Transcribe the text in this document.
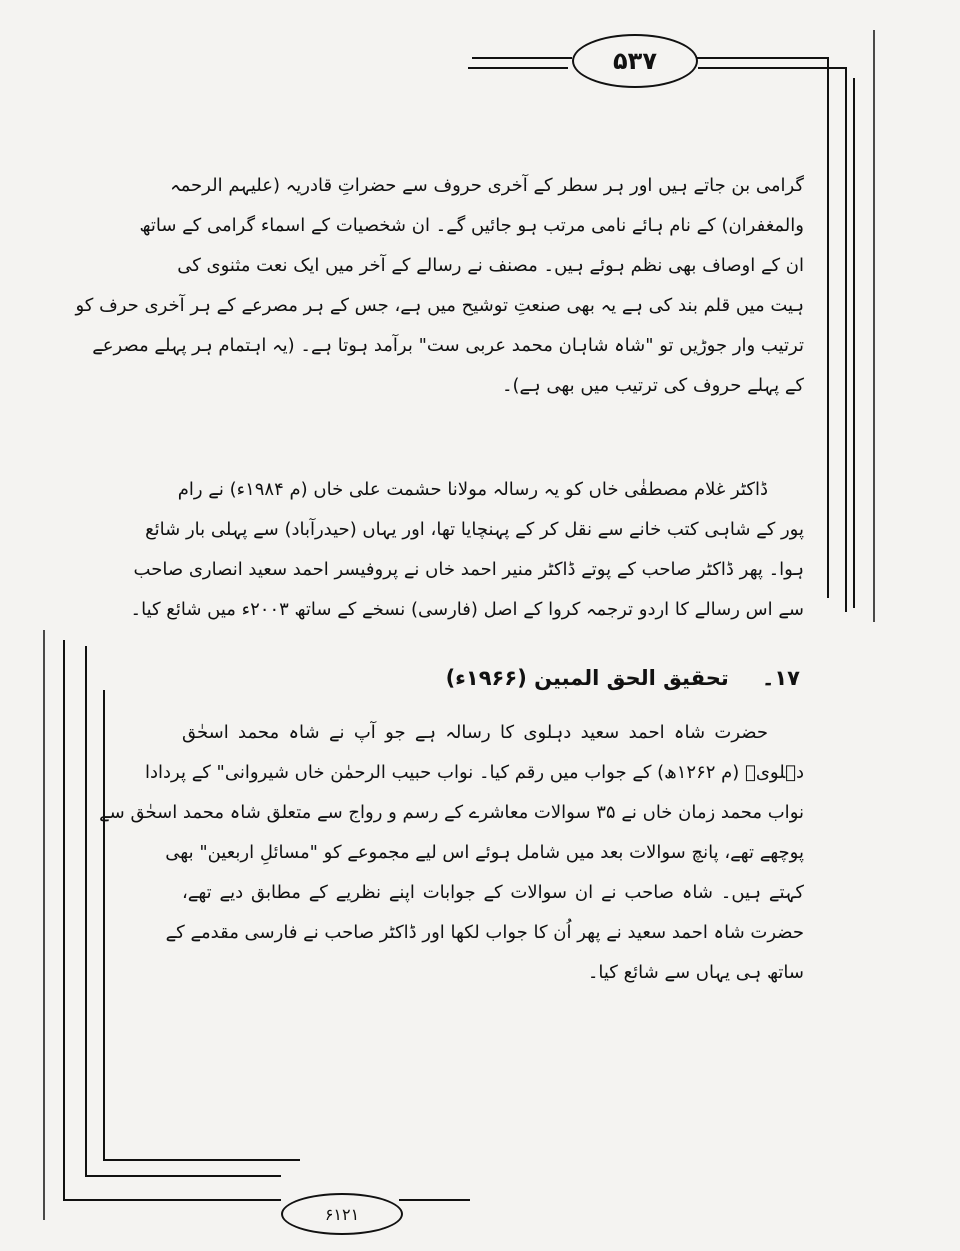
۵۳۷
گرامی بن جاتے ہیں اور ہر سطر کے آخری حروف سے حضراتِ قادریہ (علیہم الرحمہ
والمغفران) کے نام ہائے نامی مرتب ہو جائیں گے۔ ان شخصیات کے اسماء گرامی کے ساتھ
ان کے اوصاف بھی نظم ہوئے ہیں۔ مصنف نے رسالے کے آخر میں ایک نعت مثنوی کی
ہیت میں قلم بند کی ہے یہ بھی صنعتِ توشیح میں ہے، جس کے ہر مصرعے کے ہر آخری حرف کو
ترتیب وار جوڑیں تو "شاہ شاہان محمد عربی ست" برآمد ہوتا ہے۔ (یہ اہتمام ہر پہلے مصرعے
کے پہلے حروف کی ترتیب میں بھی ہے)۔
ڈاکٹر غلام مصطفٰی خاں کو یہ رسالہ مولانا حشمت علی خاں (م ۱۹۸۴ء) نے رام
پور کے شاہی کتب خانے سے نقل کر کے پہنچایا تھا، اور یہاں (حیدرآباد) سے پہلی بار شائع
ہوا۔ پھر ڈاکٹر صاحب کے پوتے ڈاکٹر منیر احمد خاں نے پروفیسر احمد سعید انصاری صاحب
سے اس رسالے کا اردو ترجمہ کروا کے اصل (فارسی) نسخے کے ساتھ ۲۰۰۳ء میں شائع کیا۔
۱۷۔ تحقیق الحق المبین (۱۹۶۶ء)
حضرت شاہ احمد سعید دہلوی کا رسالہ ہے جو آپ نے شاہ محمد اسحٰق
دہلویؒ (م ۱۲۶۲ھ) کے جواب میں رقم کیا۔ نواب حبیب الرحمٰن خاں شیروانی" کے پردادا
نواب محمد زمان خاں نے ۳۵ سوالات معاشرے کے رسم و رواج سے متعلق شاہ محمد اسحٰق سے
پوچھے تھے، پانچ سوالات بعد میں شامل ہوئے اس لیے مجموعے کو "مسائلِ اربعین" بھی
کہتے ہیں۔ شاہ صاحب نے ان سوالات کے جوابات اپنے نظریے کے مطابق دیے تھے،
حضرت شاہ احمد سعید نے پھر اُن کا جواب لکھا اور ڈاکٹر صاحب نے فارسی مقدمے کے
ساتھ ہی یہاں سے شائع کیا۔
۶۱۲۱
